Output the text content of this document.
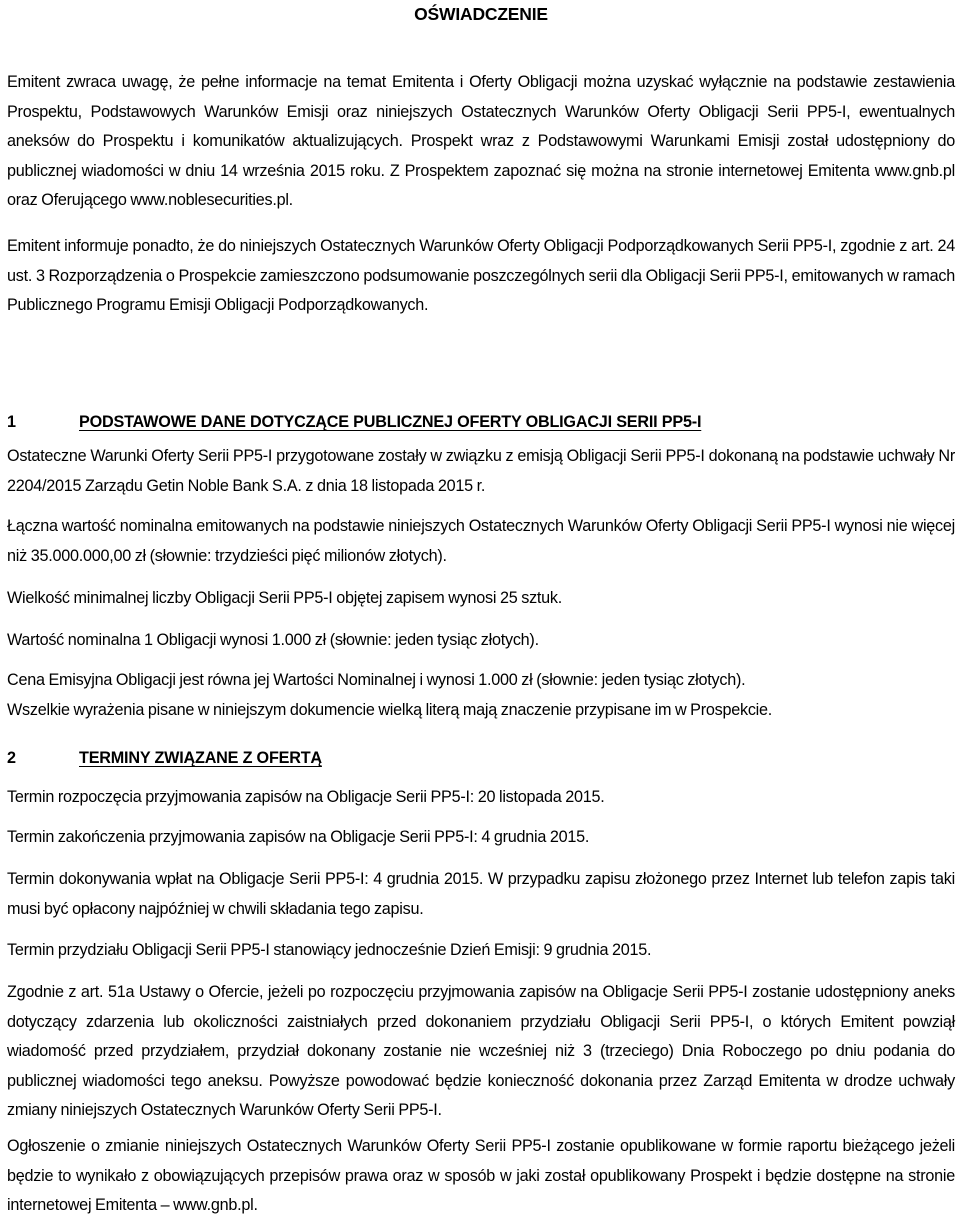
OŚWIADCZENIE

Emitent zwraca uwagę, że pełne informacje na temat Emitenta i Oferty Obligacji można uzyskać wyłącznie na podstawie zestawienia Prospektu, Podstawowych Warunków Emisji oraz niniejszych Ostatecznych Warunków Oferty Obligacji Serii PP5-I, ewentualnych aneksów do Prospektu i komunikatów aktualizujących. Prospekt wraz z Podstawowymi Warunkami Emisji został udostępniony do publicznej wiadomości w dniu 14 września 2015 roku. Z Prospektem zapoznać się można na stronie internetowej Emitenta www.gnb.pl oraz Oferującego www.noblesecurities.pl.

Emitent informuje ponadto, że do niniejszych Ostatecznych Warunków Oferty Obligacji Podporządkowanych Serii PP5-I, zgodnie z art. 24 ust. 3 Rozporządzenia o Prospekcie zamieszczono podsumowanie poszczególnych serii dla Obligacji Serii PP5-I, emitowanych w ramach Publicznego Programu Emisji Obligacji Podporządkowanych.

Wszelkie wyrażenia pisane w niniejszym dokumencie wielką literą mają znaczenie przypisane im w Prospekcie.

1	PODSTAWOWE DANE DOTYCZĄCE PUBLICZNEJ OFERTY OBLIGACJI SERII PP5-I

Ostateczne Warunki Oferty Serii PP5-I przygotowane zostały w związku z emisją Obligacji Serii PP5-I dokonaną na podstawie uchwały Nr 2204/2015 Zarządu Getin Noble Bank S.A. z dnia 18 listopada 2015 r.

Łączna wartość nominalna emitowanych na podstawie niniejszych Ostatecznych Warunków Oferty Obligacji Serii PP5-I wynosi nie więcej niż 35.000.000,00 zł (słownie: trzydzieści pięć milionów złotych).

Wielkość minimalnej liczby Obligacji Serii PP5-I objętej zapisem wynosi 25 sztuk.

Wartość nominalna 1 Obligacji wynosi 1.000 zł (słownie: jeden tysiąc złotych).

Cena Emisyjna Obligacji jest równa jej Wartości Nominalnej i wynosi 1.000 zł (słownie: jeden tysiąc złotych).

2	TERMINY ZWIĄZANE Z OFERTĄ

Termin rozpoczęcia przyjmowania zapisów na Obligacje Serii PP5-I: 20 listopada 2015.

Termin zakończenia przyjmowania zapisów na Obligacje Serii PP5-I: 4 grudnia 2015.

Termin dokonywania wpłat na Obligacje Serii PP5-I: 4 grudnia 2015. W przypadku zapisu złożonego przez Internet lub telefon zapis taki musi być opłacony najpóźniej w chwili składania tego zapisu.

Termin przydziału Obligacji Serii PP5-I stanowiący jednocześnie Dzień Emisji: 9 grudnia 2015.

Zgodnie z art. 51a Ustawy o Ofercie, jeżeli po rozpoczęciu przyjmowania zapisów na Obligacje Serii PP5-I zostanie udostępniony aneks dotyczący zdarzenia lub okoliczności zaistniałych przed dokonaniem przydziału Obligacji Serii PP5-I, o których Emitent powziął wiadomość przed przydziałem, przydział dokonany zostanie nie wcześniej niż 3 (trzeciego) Dnia Roboczego po dniu podania do publicznej wiadomości tego aneksu. Powyższe powodować będzie konieczność dokonania przez Zarząd Emitenta w drodze uchwały zmiany niniejszych Ostatecznych Warunków Oferty Serii PP5-I.

Ogłoszenie o zmianie niniejszych Ostatecznych Warunków Oferty Serii PP5-I zostanie opublikowane w formie raportu bieżącego jeżeli będzie to wynikało z obowiązujących przepisów prawa oraz w sposób w jaki został opublikowany Prospekt i będzie dostępne na stronie internetowej Emitenta – www.gnb.pl.
